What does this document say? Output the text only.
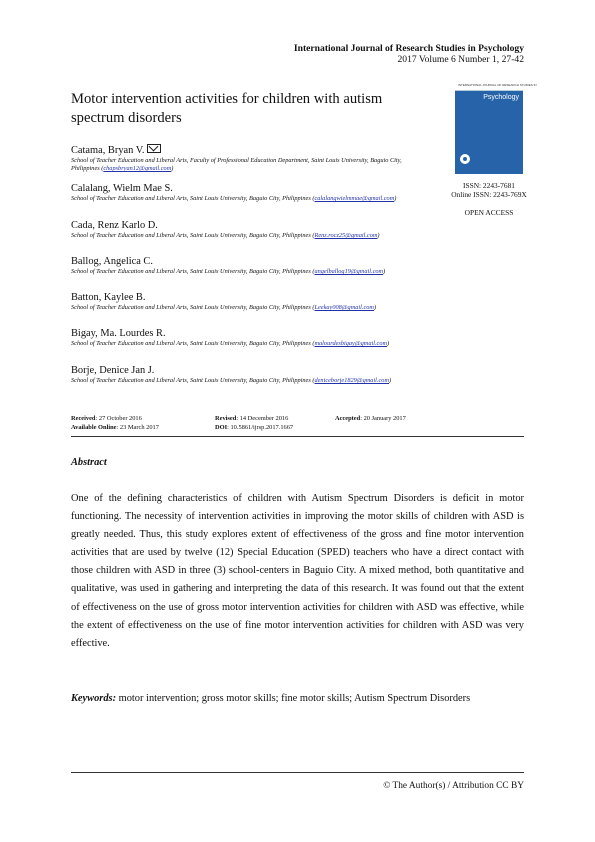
International Journal of Research Studies in Psychology
2017 Volume 6 Number 1, 27-42
INTERNATIONAL JOURNAL OF RESEARCH STUDIES IN
Psychology
ISSN: 2243-7681
Online ISSN: 2243-769X
OPEN ACCESS
Motor intervention activities for children with autism spectrum disorders
Catama, Bryan V.
School of Teacher Education and Liberal Arts, Faculty of Professional Education Department, Saint Louis University, Baguio City, Philippines (chapsbryan12@gmail.com)
Calalang, Wielm Mae S.
School of Teacher Education and Liberal Arts, Saint Louis University, Baguio City, Philippines (calalangwielmmae@gmail.com)
Cada, Renz Karlo D.
School of Teacher Education and Liberal Arts, Saint Louis University, Baguio City, Philippines (Renz.rocz25@gmail.com)
Ballog, Angelica C.
School of Teacher Education and Liberal Arts, Saint Louis University, Baguio City, Philippines (angelballog19@gmail.com)
Batton, Kaylee B.
School of Teacher Education and Liberal Arts, Saint Louis University, Baguio City, Philippines (Leekay008@gmail.com)
Bigay, Ma. Lourdes R.
School of Teacher Education and Liberal Arts, Saint Louis University, Baguio City, Philippines (malourdesbigay@gmail.com)
Borje, Denice Jan J.
School of Teacher Education and Liberal Arts, Saint Louis University, Baguio City, Philippines (deniceborje1829@gmail.com)
Received: 27 October 2016	Revised: 14 December 2016	Accepted: 20 January 2017
Available Online: 23 March 2017	DOI: 10.5861/ijrsp.2017.1667
Abstract
One of the defining characteristics of children with Autism Spectrum Disorders is deficit in motor functioning. The necessity of intervention activities in improving the motor skills of children with ASD is greatly needed. Thus, this study explores extent of effectiveness of the gross and fine motor intervention activities that are used by twelve (12) Special Education (SPED) teachers who have a direct contact with those children with ASD in three (3) school-centers in Baguio City. A mixed method, both quantitative and qualitative, was used in gathering and interpreting the data of this research. It was found out that the extent of effectiveness on the use of gross motor intervention activities for children with ASD was effective, while the extent of effectiveness on the use of fine motor intervention activities for children with ASD was very effective.
Keywords: motor intervention; gross motor skills; fine motor skills; Autism Spectrum Disorders
© The Author(s) / Attribution CC BY
